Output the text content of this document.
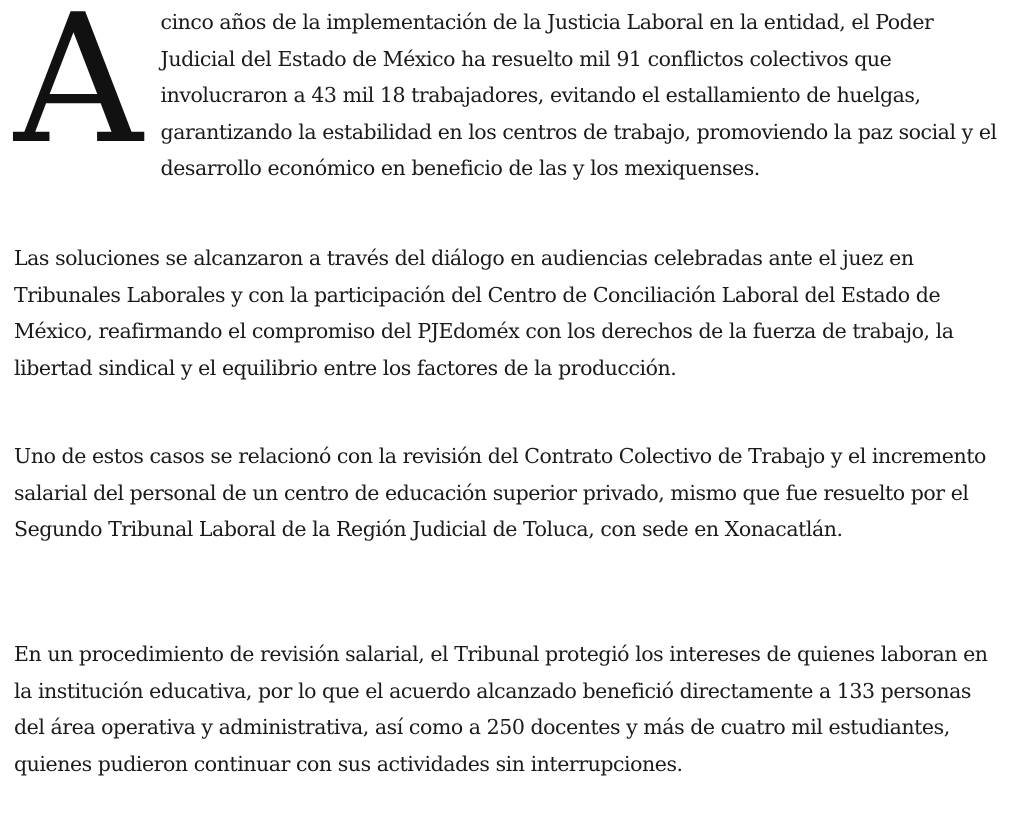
A cinco años de la implementación de la Justicia Laboral en la entidad, el Poder Judicial del Estado de México ha resuelto mil 91 conflictos colectivos que involucraron a 43 mil 18 trabajadores, evitando el estallamiento de huelgas, garantizando la estabilidad en los centros de trabajo, promoviendo la paz social y el desarrollo económico en beneficio de las y los mexiquenses.

Las soluciones se alcanzaron a través del diálogo en audiencias celebradas ante el juez en Tribunales Laborales y con la participación del Centro de Conciliación Laboral del Estado de México, reafirmando el compromiso del PJEdoméx con los derechos de la fuerza de trabajo, la libertad sindical y el equilibrio entre los factores de la producción.

Uno de estos casos se relacionó con la revisión del Contrato Colectivo de Trabajo y el incremento salarial del personal de un centro de educación superior privado, mismo que fue resuelto por el Segundo Tribunal Laboral de la Región Judicial de Toluca, con sede en Xonacatlán.

En un procedimiento de revisión salarial, el Tribunal protegió los intereses de quienes laboran en la institución educativa, por lo que el acuerdo alcanzado benefició directamente a 133 personas del área operativa y administrativa, así como a 250 docentes y más de cuatro mil estudiantes, quienes pudieron continuar con sus actividades sin interrupciones.
